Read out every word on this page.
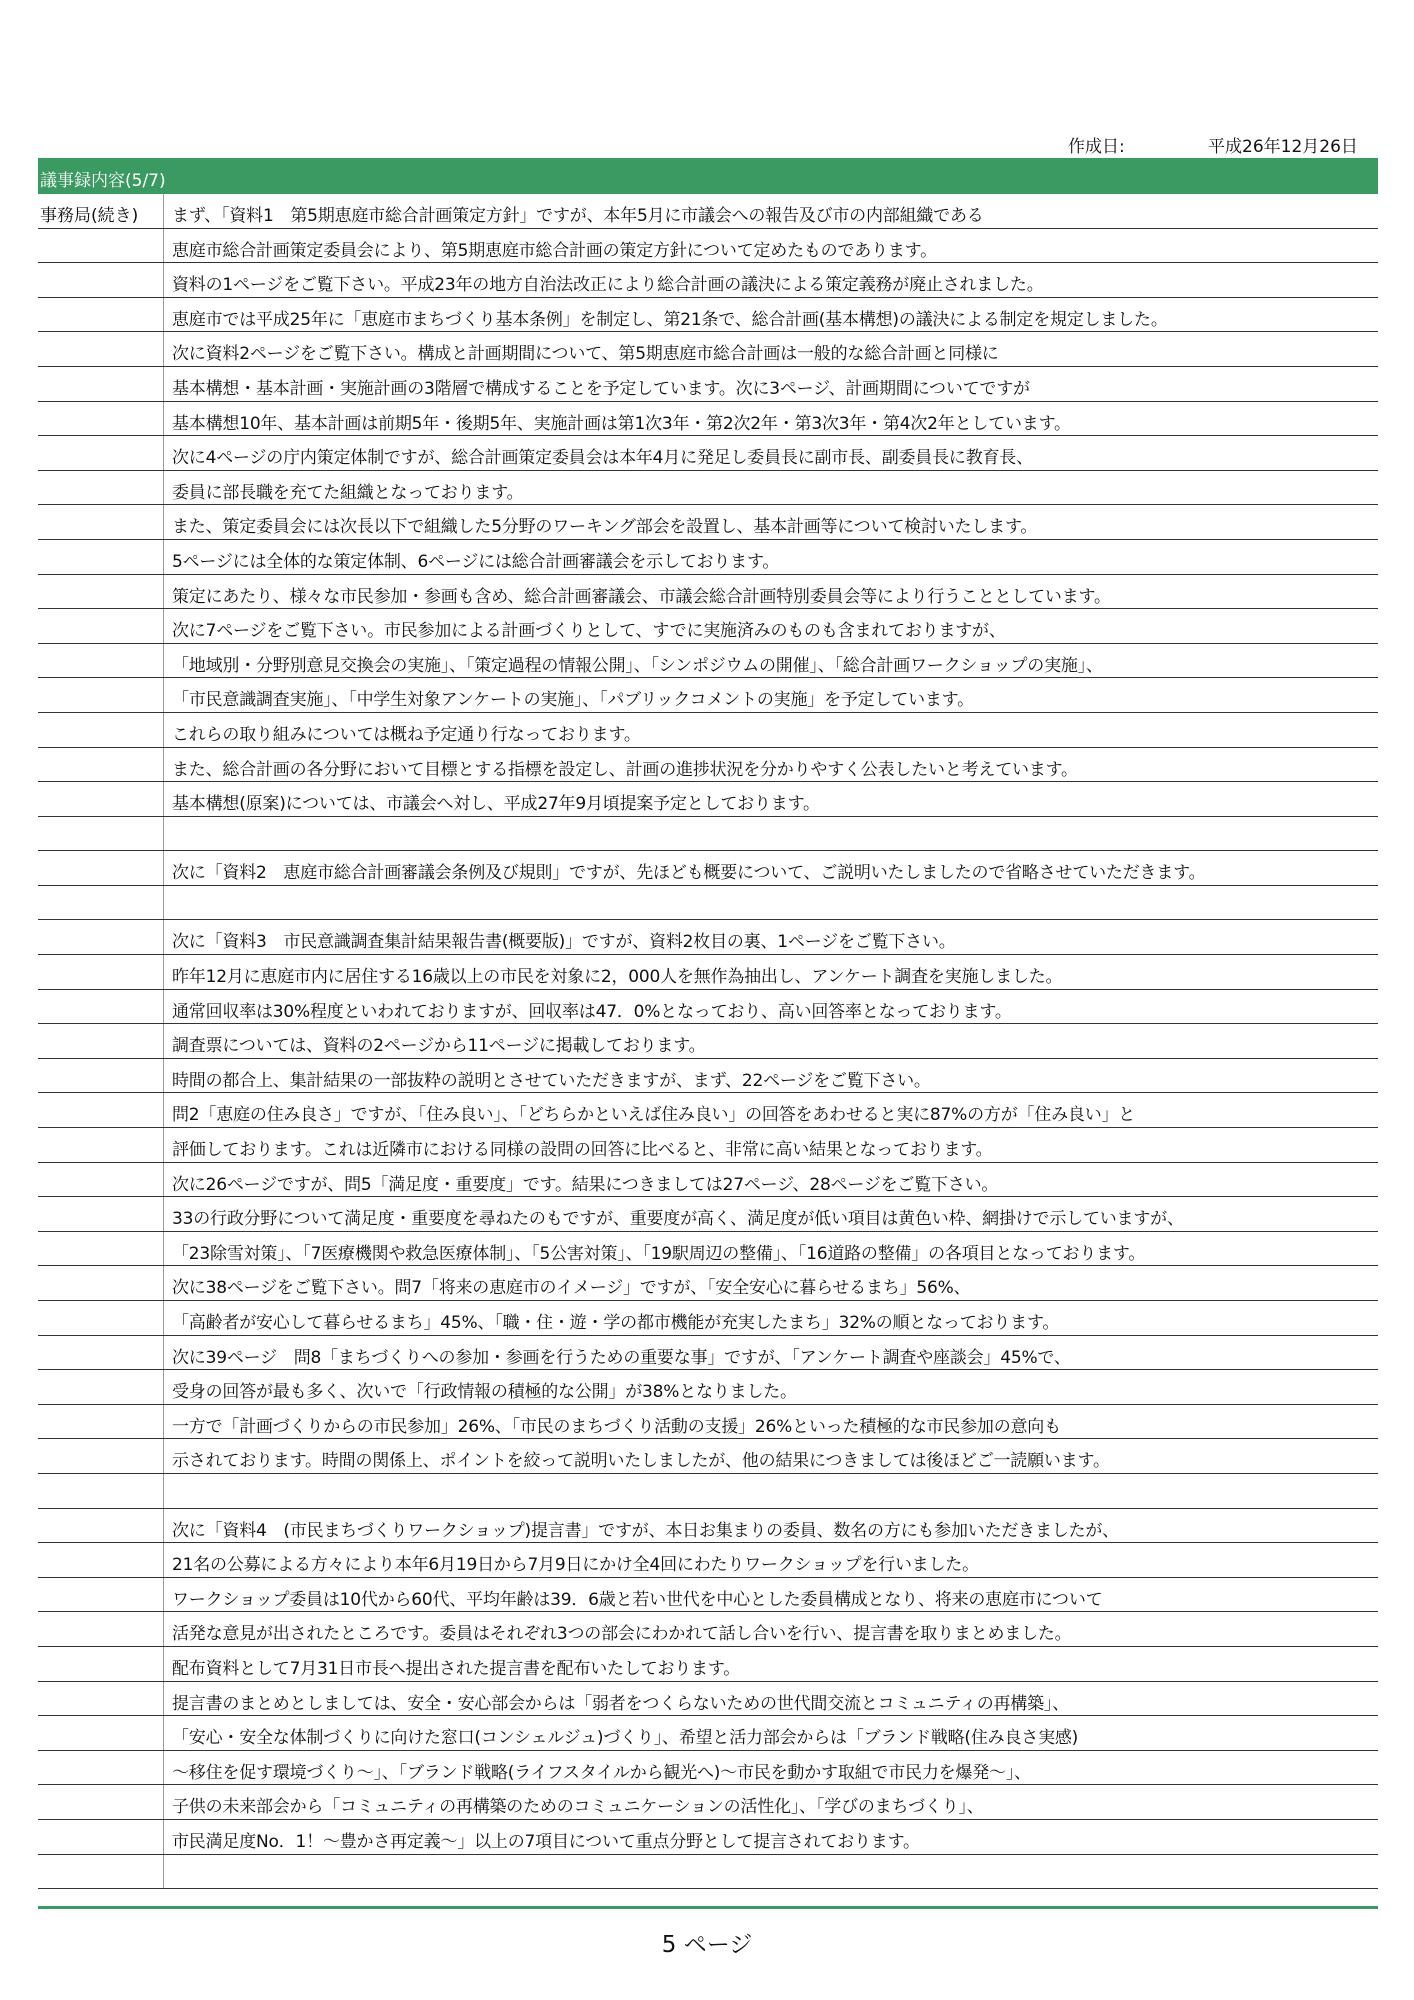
作成日:	平成26年12月26日
議事録内容(5/7)
事務局(続き)	まず、「資料1　第5期恵庭市総合計画策定方針」ですが、本年5月に市議会への報告及び市の内部組織である
恵庭市総合計画策定委員会により、第5期恵庭市総合計画の策定方針について定めたものであります。
資料の1ページをご覧下さい。平成23年の地方自治法改正により総合計画の議決による策定義務が廃止されました。
恵庭市では平成25年に「恵庭市まちづくり基本条例」を制定し、第21条で、総合計画(基本構想)の議決による制定を規定しました。
次に資料2ページをご覧下さい。構成と計画期間について、第5期恵庭市総合計画は一般的な総合計画と同様に
基本構想・基本計画・実施計画の3階層で構成することを予定しています。次に3ページ、計画期間についてですが
基本構想10年、基本計画は前期5年・後期5年、実施計画は第1次3年・第2次2年・第3次3年・第4次2年としています。
次に4ページの庁内策定体制ですが、総合計画策定委員会は本年4月に発足し委員長に副市長、副委員長に教育長、
委員に部長職を充てた組織となっております。
また、策定委員会には次長以下で組織した5分野のワーキング部会を設置し、基本計画等について検討いたします。
5ページには全体的な策定体制、6ページには総合計画審議会を示しております。
策定にあたり、様々な市民参加・参画も含め、総合計画審議会、市議会総合計画特別委員会等により行うこととしています。
次に7ページをご覧下さい。市民参加による計画づくりとして、すでに実施済みのものも含まれておりますが、
「地域別・分野別意見交換会の実施」、「策定過程の情報公開」、「シンポジウムの開催」、「総合計画ワークショップの実施」、
「市民意識調査実施」、「中学生対象アンケートの実施」、「パブリックコメントの実施」を予定しています。
これらの取り組みについては概ね予定通り行なっております。
また、総合計画の各分野において目標とする指標を設定し、計画の進捗状況を分かりやすく公表したいと考えています。
基本構想(原案)については、市議会へ対し、平成27年9月頃提案予定としております。
次に「資料2　恵庭市総合計画審議会条例及び規則」ですが、先ほども概要について、ご説明いたしましたので省略させていただきます。
次に「資料3　市民意識調査集計結果報告書(概要版)」ですが、資料2枚目の裏、1ページをご覧下さい。
昨年12月に恵庭市内に居住する16歳以上の市民を対象に2，000人を無作為抽出し、アンケート調査を実施しました。
通常回収率は30%程度といわれておりますが、回収率は47．0%となっており、高い回答率となっております。
調査票については、資料の2ページから11ページに掲載しております。
時間の都合上、集計結果の一部抜粋の説明とさせていただきますが、まず、22ページをご覧下さい。
問2「恵庭の住み良さ」ですが、「住み良い」、「どちらかといえば住み良い」の回答をあわせると実に87%の方が「住み良い」と
評価しております。これは近隣市における同様の設問の回答に比べると、非常に高い結果となっております。
次に26ページですが、問5「満足度・重要度」です。結果につきましては27ページ、28ページをご覧下さい。
33の行政分野について満足度・重要度を尋ねたのもですが、重要度が高く、満足度が低い項目は黄色い枠、網掛けで示していますが、
「23除雪対策」、「7医療機関や救急医療体制」、「5公害対策」、「19駅周辺の整備」、「16道路の整備」の各項目となっております。
次に38ページをご覧下さい。問7「将来の恵庭市のイメージ」ですが、「安全安心に暮らせるまち」56%、
「高齢者が安心して暮らせるまち」45%、「職・住・遊・学の都市機能が充実したまち」32%の順となっております。
次に39ページ　問8「まちづくりへの参加・参画を行うための重要な事」ですが、「アンケート調査や座談会」45%で、
受身の回答が最も多く、次いで「行政情報の積極的な公開」が38%となりました。
一方で「計画づくりからの市民参加」26%、「市民のまちづくり活動の支援」26%といった積極的な市民参加の意向も
示されております。時間の関係上、ポイントを絞って説明いたしましたが、他の結果につきましては後ほどご一読願います。
次に「資料4　(市民まちづくりワークショップ)提言書」ですが、本日お集まりの委員、数名の方にも参加いただきましたが、
21名の公募による方々により本年6月19日から7月9日にかけ全4回にわたりワークショップを行いました。
ワークショップ委員は10代から60代、平均年齢は39．6歳と若い世代を中心とした委員構成となり、将来の恵庭市について
活発な意見が出されたところです。委員はそれぞれ3つの部会にわかれて話し合いを行い、提言書を取りまとめました。
配布資料として7月31日市長へ提出された提言書を配布いたしております。
提言書のまとめとしましては、安全・安心部会からは「弱者をつくらないための世代間交流とコミュニティの再構築」、
「安心・安全な体制づくりに向けた窓口(コンシェルジュ)づくり」、希望と活力部会からは「ブランド戦略(住み良さ実感)
～移住を促す環境づくり～」、「ブランド戦略(ライフスタイルから観光へ)～市民を動かす取組で市民力を爆発～」、
子供の未来部会から「コミュニティの再構築のためのコミュニケーションの活性化」、「学びのまちづくり」、
市民満足度No．1！～豊かさ再定義～」以上の7項目について重点分野として提言されております。
5 ページ
